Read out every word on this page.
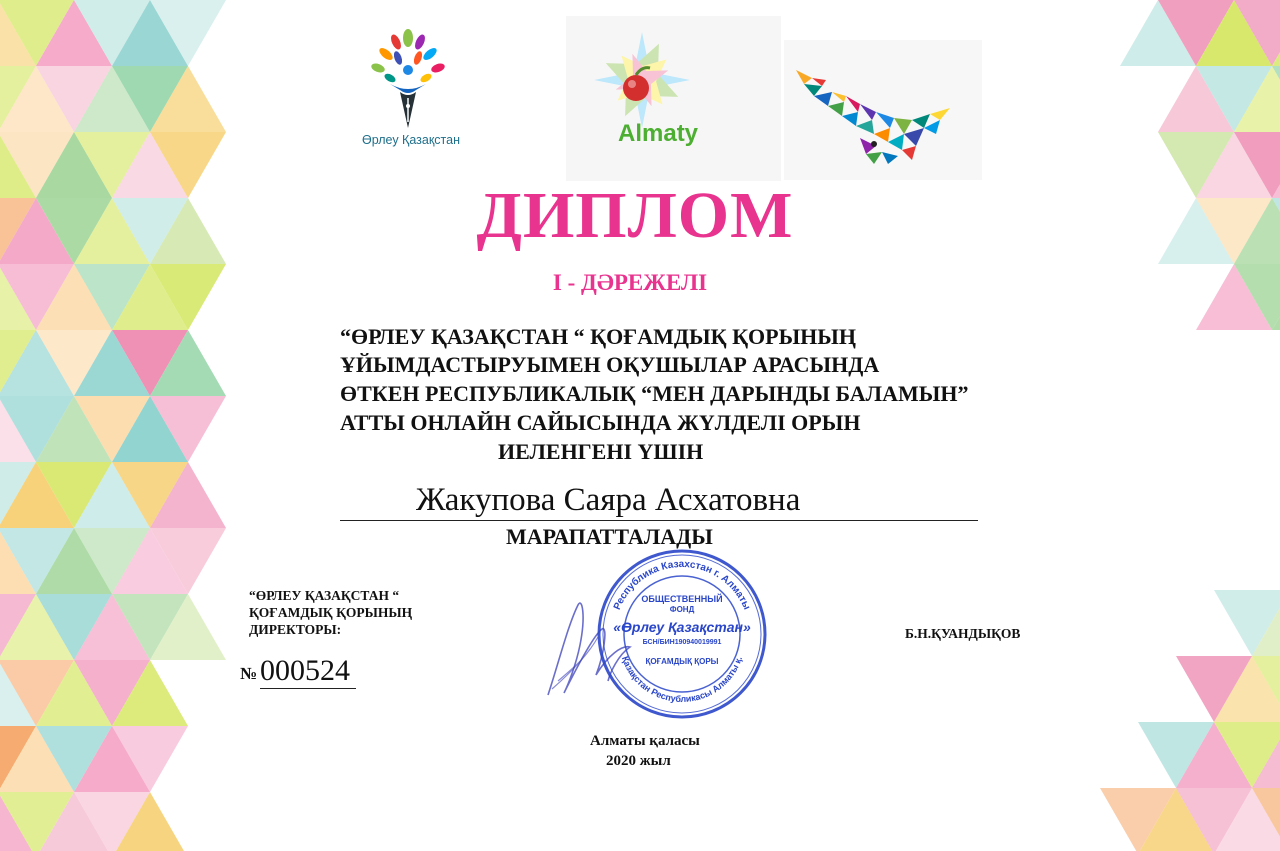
Өрлеу Қазақстан	Almaty
ДИПЛОМ
I - ДӘРЕЖЕЛІ
“ӨРЛЕУ ҚАЗАҚСТАН “ ҚОҒАМДЫҚ ҚОРЫНЫҢ
ҰЙЫМДАСТЫРУЫМЕН ОҚУШЫЛАР АРАСЫНДА
ӨТКЕН РЕСПУБЛИКАЛЫҚ “МЕН ДАРЫНДЫ БАЛАМЫН”
АТТЫ ОНЛАЙН САЙЫСЫНДА ЖҮЛДЕЛІ ОРЫН
ИЕЛЕНГЕНІ ҮШІН
Жакупова Саяра Асхатовна
МАРАПАТТАЛАДЫ
“ӨРЛЕУ ҚАЗАҚСТАН “
ҚОҒАМДЫҚ ҚОРЫНЫҢ
ДИРЕКТОРЫ:
№ 000524
Республика Казахстан г. Алматы
Қазақстан Республикасы Алматы қ.
ОБЩЕСТВЕННЫЙ
ФОНД
«Өрлеу Қазақстан»
БСН/БИН190940019991
ҚОҒАМДЫҚ ҚОРЫ
Б.Н.ҚУАНДЫҚОВ
Алматы қаласы
2020 жыл
